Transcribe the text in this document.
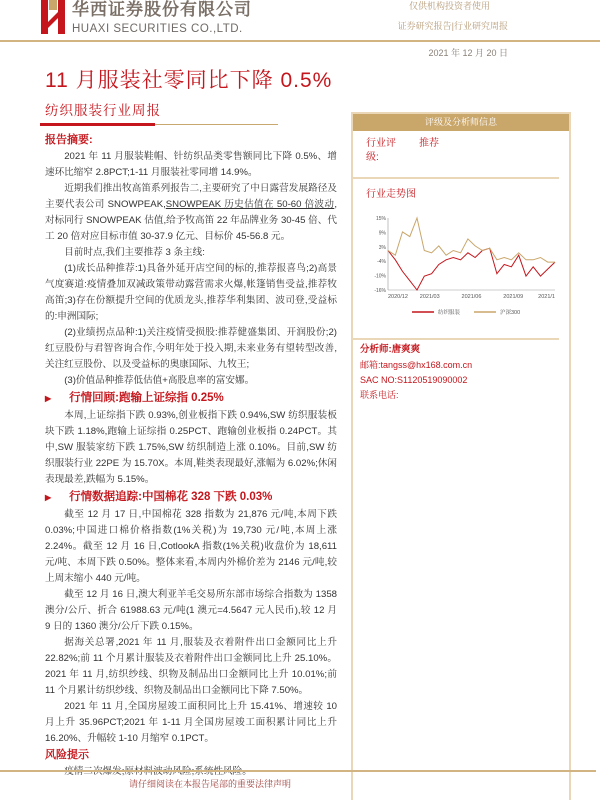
华西证券股份有限公司
HUAXI SECURITIES CO.,LTD.
仅供机构投资者使用
证券研究报告|行业研究周报
2021 年 12 月 20 日
11 月服装社零同比下降 0.5%
纺织服装行业周报
报告摘要:

2021 年 11 月服装鞋帽、针纺织品类零售额同比下降 0.5%、增速环比缩窄 2.8PCT;1-11 月服装社零同增 14.9%。

近期我们推出牧高笛系列报告二,主要研究了中日露营发展路径及主要代表公司 SNOWPEAK,SNOWPEAK 历史估值在 50-60 倍波动,对标同行 SNOWPEAK 估值,给予牧高笛 22 年品牌业务 30-45 倍、代工 20 倍对应目标市值 30-37.9 亿元、目标价 45-56.8 元。

目前时点,我们主要推荐 3 条主线:

(1)成长品种推荐:1)具备外延开店空间的标的,推荐报喜鸟;2)高景气度赛道:疫情叠加双减政策带动露营需求火爆,帐篷销售受益,推荐牧高笛;3)存在份额提升空间的优质龙头,推荐华利集团、波司登,受益标的:申洲国际;

(2)业绩拐点品种:1)关注疫情受损股:推荐健盛集团、开润股份;2)红豆股份与君智咨询合作,今明年处于投入期,未来业务有望转型改善,关注红豆股份、以及受益标的奥康国际、九牧王;

(3)价值品种推荐低估值+高股息率的富安娜。

▶ 行情回顾:跑输上证综指 0.25%

本周,上证综指下跌 0.93%,创业板指下跌 0.94%,SW 纺织服装板块下跌 1.18%,跑输上证综指 0.25PCT、跑输创业板指 0.24PCT。其中,SW 服装家纺下跌 1.75%,SW 纺织制造上涨 0.10%。目前,SW 纺织服装行业 22PE 为 15.70X。本周,鞋类表现最好,涨幅为 6.02%;休闲表现最差,跌幅为 5.15%。

▶ 行情数据追踪:中国棉花 328 下跌 0.03%

截至 12 月 17 日,中国棉花 328 指数为 21,876 元/吨,本周下跌 0.03%;中国进口棉价格指数(1%关税)为 19,730 元/吨,本周上涨 2.24%。截至 12 月 16 日,CotlookA 指数(1%关税)收盘价为 18,611 元/吨、本周下跌 0.50%。整体来看,本周内外棉价差为 2146 元/吨,较上周末缩小 440 元/吨。

截至 12 月 16 日,澳大利亚羊毛交易所东部市场综合指数为 1358 澳分/公斤、折合 61988.63 元/吨(1 澳元=4.5647 元人民币),较 12 月 9 日的 1360 澳分/公斤下跌 0.15%。

据海关总署,2021 年 11 月,服装及衣着附件出口金额同比上升 22.82%;前 11 个月累计服装及衣着附件出口金额同比上升 25.10%。2021 年 11 月,纺织纱线、织物及制品出口金额同比上升 10.01%;前 11 个月累计纺织纱线、织物及制品出口金额同比下降 7.50%。

2021 年 11 月,全国房屋竣工面积同比上升 15.41%、增速较 10 月上升 35.96PCT;2021 年 1-11 月全国房屋竣工面积累计同比上升 16.20%、升幅较 1-10 月缩窄 0.1PCT。

风险提示

评级及分析师信息
行业评
级:
推荐
行业走势图
15%
9%
3%
-4%
-10%
-16%
2020/12 2021/03	2021/06	2021/09	2021/1
纺织服装	沪深300
分析师:唐爽爽
邮箱:tangss@hx168.com.cn
SAC NO:S1120519090002
联系电话:
请仔细阅读在本报告尾部的重要法律声明
